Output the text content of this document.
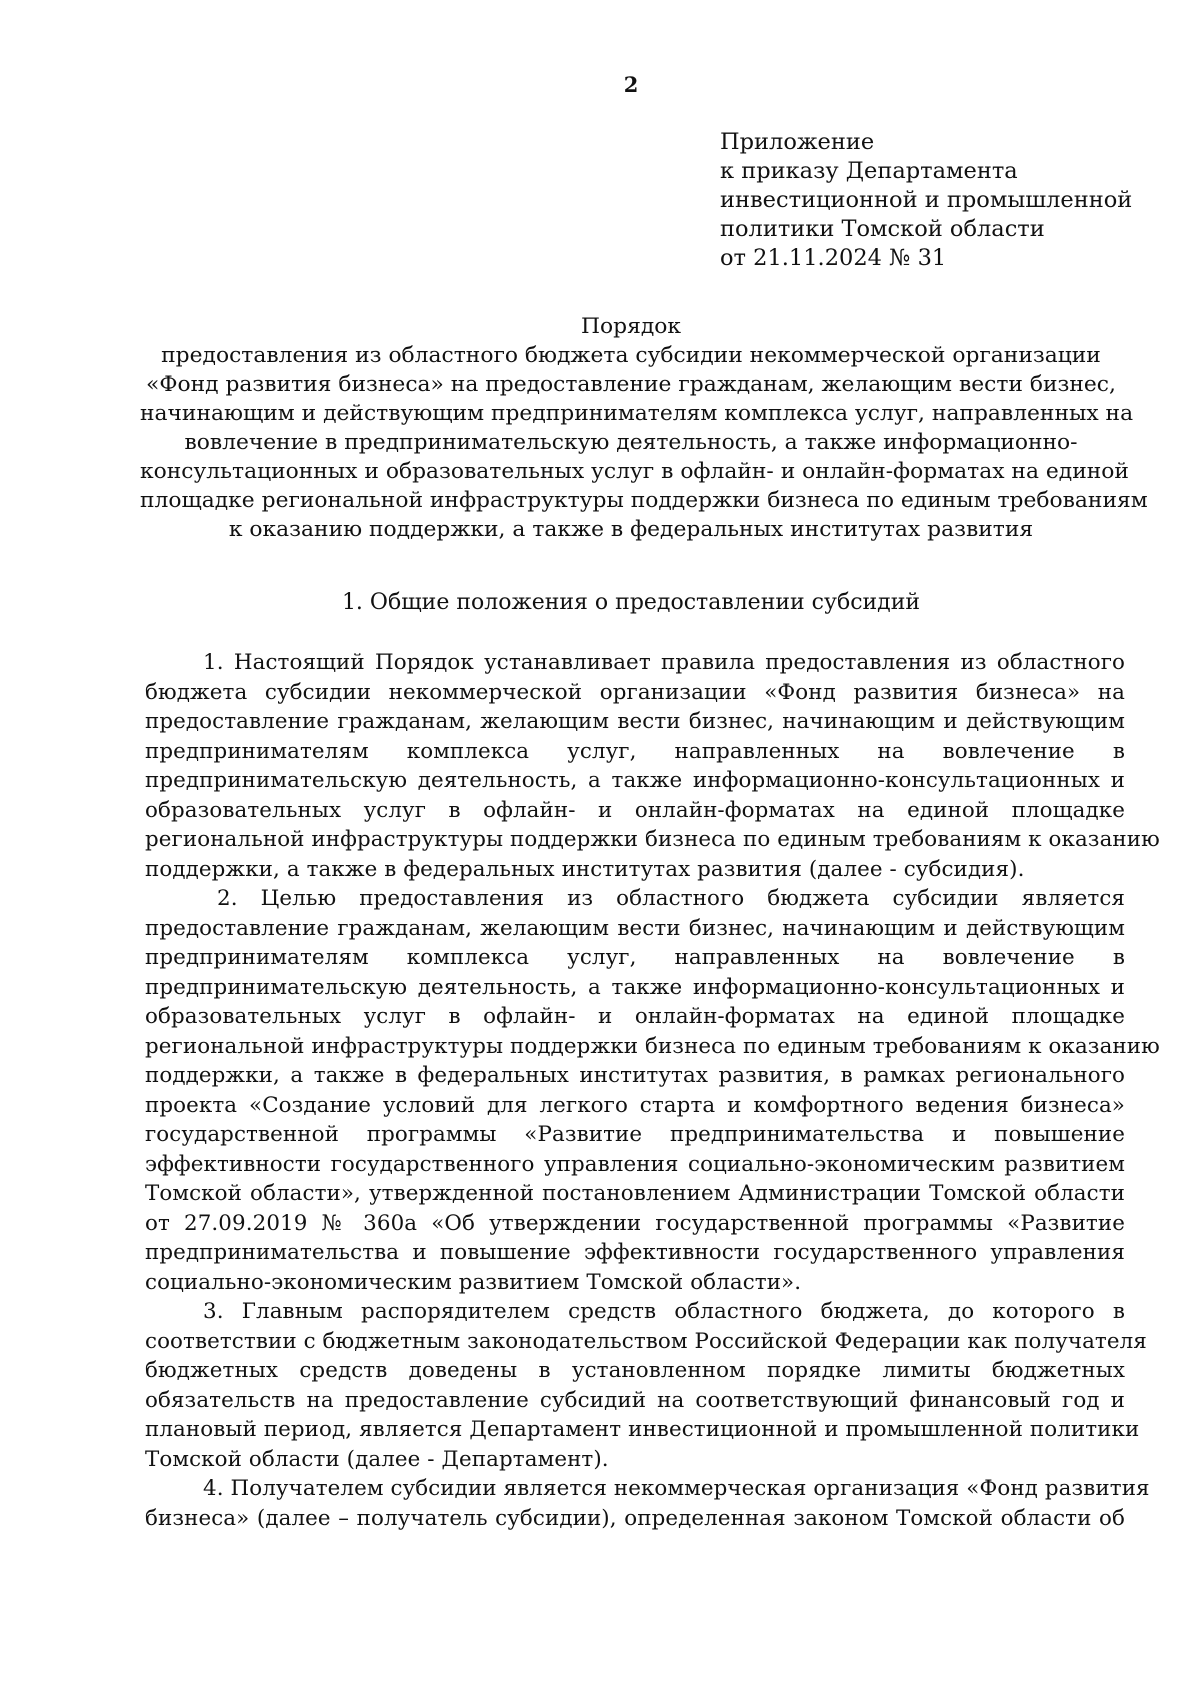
2
Приложение
к приказу Департамента
инвестиционной и промышленной
политики Томской области
от 21.11.2024 № 31
Порядок
предоставления из областного бюджета субсидии некоммерческой организации
«Фонд развития бизнеса» на предоставление гражданам, желающим вести бизнес,
начинающим и действующим предпринимателям комплекса услуг, направленных на
вовлечение в предпринимательскую деятельность, а также информационно-
консультационных и образовательных услуг в офлайн- и онлайн-форматах на единой
площадке региональной инфраструктуры поддержки бизнеса по единым требованиям
к оказанию поддержки, а также в федеральных институтах развития
1. Общие положения о предоставлении субсидий
1. Настоящий Порядок устанавливает правила предоставления из областного
бюджета субсидии некоммерческой организации «Фонд развития бизнеса» на
предоставление гражданам, желающим вести бизнес, начинающим и действующим
предпринимателям комплекса услуг, направленных на вовлечение в
предпринимательскую деятельность, а также информационно-консультационных и
образовательных услуг в офлайн- и онлайн-форматах на единой площадке
региональной инфраструктуры поддержки бизнеса по единым требованиям к оказанию
поддержки, а также в федеральных институтах развития (далее - субсидия).
2. Целью предоставления из областного бюджета субсидии является
предоставление гражданам, желающим вести бизнес, начинающим и действующим
предпринимателям комплекса услуг, направленных на вовлечение в
предпринимательскую деятельность, а также информационно-консультационных и
образовательных услуг в офлайн- и онлайн-форматах на единой площадке
региональной инфраструктуры поддержки бизнеса по единым требованиям к оказанию
поддержки, а также в федеральных институтах развития, в рамках регионального
проекта «Создание условий для легкого старта и комфортного ведения бизнеса»
государственной программы «Развитие предпринимательства и повышение
эффективности государственного управления социально-экономическим развитием
Томской области», утвержденной постановлением Администрации Томской области
от 27.09.2019 № 360а «Об утверждении государственной программы «Развитие
предпринимательства и повышение эффективности государственного управления
социально-экономическим развитием Томской области».
3. Главным распорядителем средств областного бюджета, до которого в
соответствии с бюджетным законодательством Российской Федерации как получателя
бюджетных средств доведены в установленном порядке лимиты бюджетных
обязательств на предоставление субсидий на соответствующий финансовый год и
плановый период, является Департамент инвестиционной и промышленной политики
Томской области (далее - Департамент).
4. Получателем субсидии является некоммерческая организация «Фонд развития
бизнеса» (далее – получатель субсидии), определенная законом Томской области об
